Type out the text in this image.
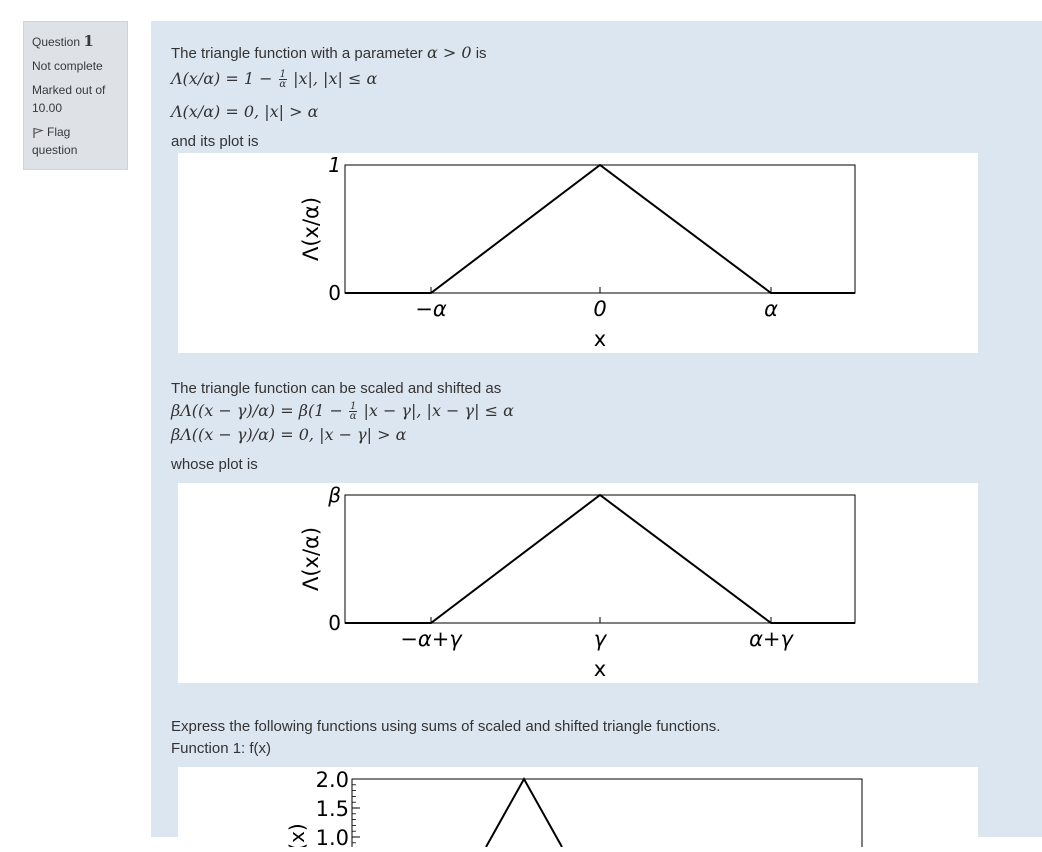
Question 1
Not complete
Marked out of
10.00
Flag
question
The triangle function with a parameter α > 0 is
$\Lambda(x/\alpha) = 1 - \frac{1}{\alpha} |x|$, |x| ≤ α
Λ(x/α) = 0, |x| > α
and its plot is
1
0
−α	0	α
x
Λ(x/α)
The triangle function can be scaled and shifted as
$\beta\Lambda((x - \gamma)/\alpha) = \beta(1 - \frac{1}{\alpha} |x - \gamma|$, |x − γ| ≤ α
βΛ((x − γ)/α) = 0, |x − γ| > α
whose plot is
β
0
−α+γ	γ	α+γ
x
Λ(x/α)
Express the following functions using sums of scaled and shifted triangle functions.
Function 1: f(x)
2.0
1.5
1.0
(x)
